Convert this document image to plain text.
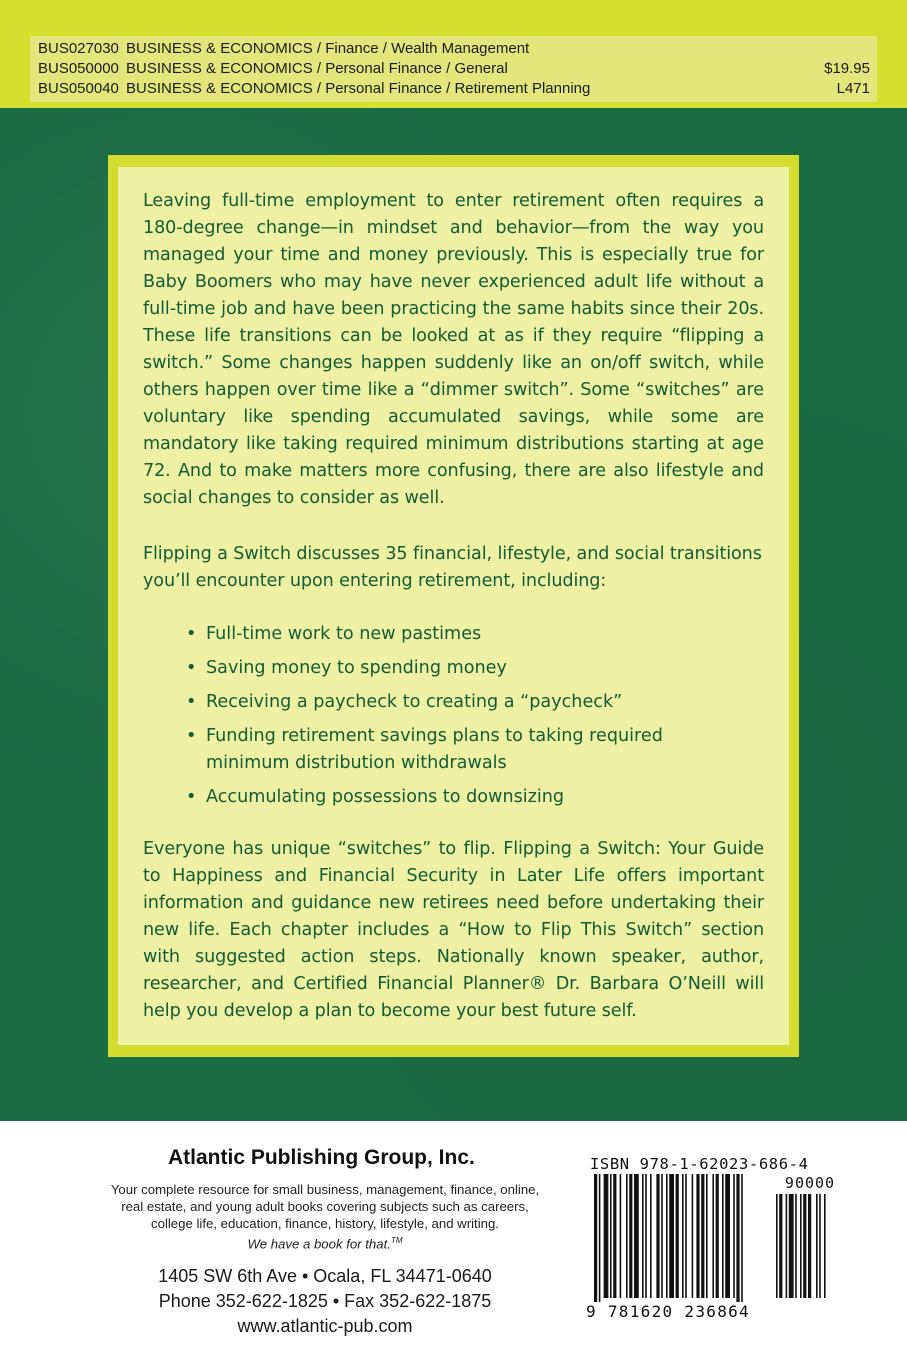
BUS027030 BUSINESS & ECONOMICS / Finance / Wealth Management
BUS050000 BUSINESS & ECONOMICS / Personal Finance / General	$19.95
BUS050040 BUSINESS & ECONOMICS / Personal Finance / Retirement Planning	L471

Leaving full-time employment to enter retirement often requires a 180-degree change—in mindset and behavior—from the way you managed your time and money previously. This is especially true for Baby Boomers who may have never experienced adult life without a full-time job and have been practicing the same habits since their 20s. These life transitions can be looked at as if they require “flipping a switch.” Some changes happen suddenly like an on/off switch, while others happen over time like a “dimmer switch”. Some “switches” are voluntary like spending accumulated savings, while some are mandatory like taking required minimum distributions starting at age 72. And to make matters more confusing, there are also lifestyle and social changes to consider as well.

Flipping a Switch discusses 35 financial, lifestyle, and social transitions you’ll encounter upon entering retirement, including:

• Full-time work to new pastimes
• Saving money to spending money
• Receiving a paycheck to creating a “paycheck”
• Funding retirement savings plans to taking required minimum distribution withdrawals
• Accumulating possessions to downsizing

Everyone has unique “switches” to flip. Flipping a Switch: Your Guide to Happiness and Financial Security in Later Life offers important information and guidance new retirees need before undertaking their new life. Each chapter includes a “How to Flip This Switch” section with suggested action steps. Nationally known speaker, author, researcher, and Certified Financial Planner® Dr. Barbara O’Neill will help you develop a plan to become your best future self.

Atlantic Publishing Group, Inc.
Your complete resource for small business, management, finance, online, real estate, and young adult books covering subjects such as careers, college life, education, finance, history, lifestyle, and writing.
We have a book for that.™
1405 SW 6th Ave • Ocala, FL 34471-0640
Phone 352-622-1825 • Fax 352-622-1875
www.atlantic-pub.com
ISBN 978-1-62023-686-4
90000
9 781620 236864
